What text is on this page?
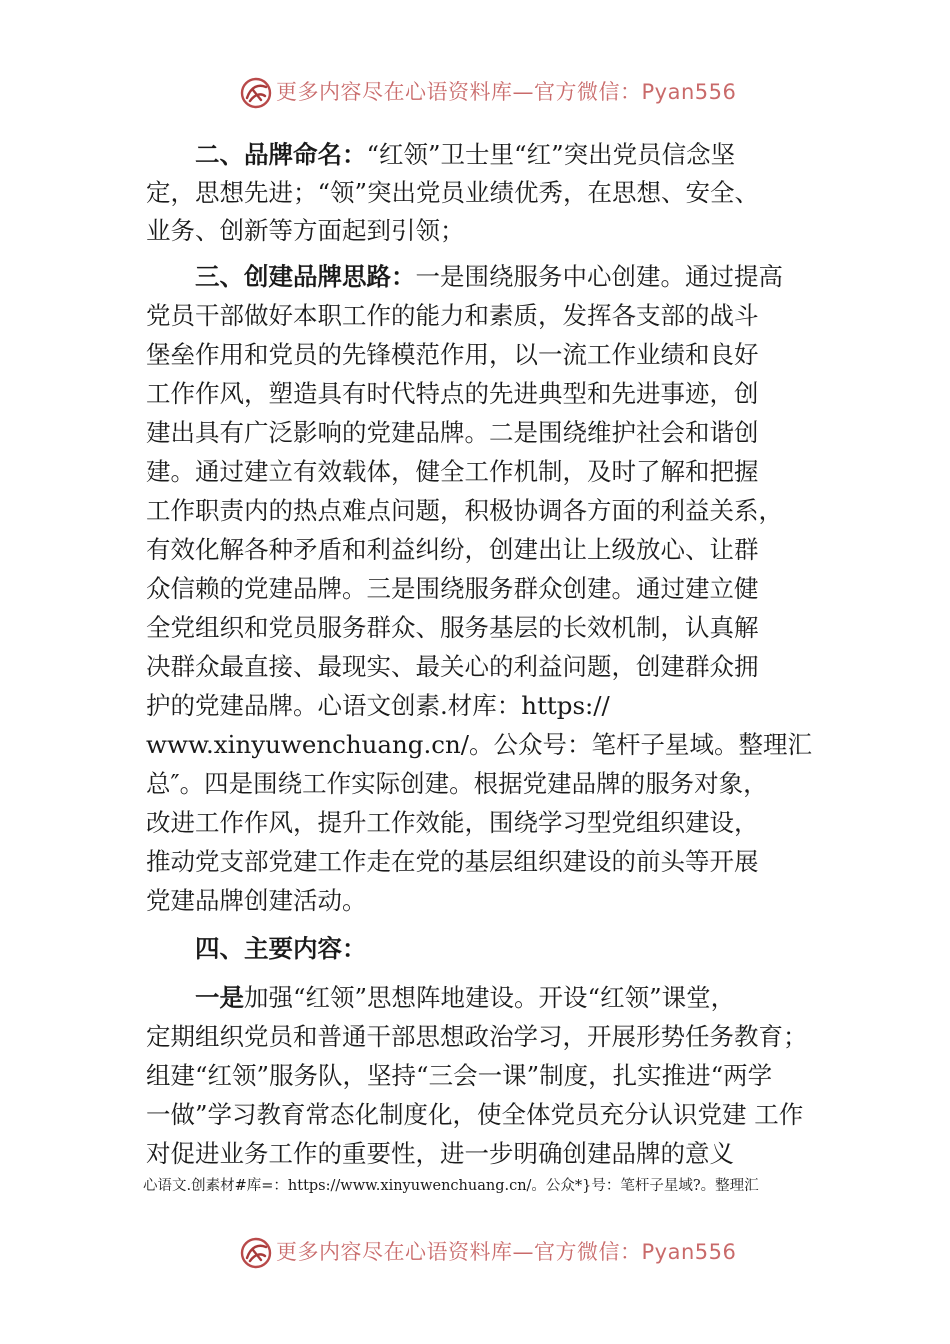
更多内容尽在心语资料库—官方微信：Pyan556
二、品牌命名：“红领”卫士里“红”突出党员信念坚
定，思想先进；“领”突出党员业绩优秀，在思想、安全、
业务、创新等方面起到引领；
三、创建品牌思路：一是围绕服务中心创建。通过提高
党员干部做好本职工作的能力和素质，发挥各支部的战斗
堡垒作用和党员的先锋模范作用，以一流工作业绩和良好
工作作风，塑造具有时代特点的先进典型和先进事迹，创
建出具有广泛影响的党建品牌。二是围绕维护社会和谐创
建。通过建立有效载体，健全工作机制，及时了解和把握
工作职责内的热点难点问题，积极协调各方面的利益关系，
有效化解各种矛盾和利益纠纷，创建出让上级放心、让群
众信赖的党建品牌。三是围绕服务群众创建。通过建立健
全党组织和党员服务群众、服务基层的长效机制，认真解
决群众最直接、最现实、最关心的利益问题，创建群众拥
护的党建品牌。心语文创素.材库：https://
www.xinyuwenchuang.cn/。公众号：笔杆子星域。整理汇
总″。四是围绕工作实际创建。根据党建品牌的服务对象，
改进工作作风，提升工作效能，围绕学习型党组织建设，
推动党支部党建工作走在党的基层组织建设的前头等开展
党建品牌创建活动。
四、主要内容：
一是加强“红领”思想阵地建设。开设“红领”课堂，
定期组织党员和普通干部思想政治学习，开展形势任务教育；
组建“红领”服务队，坚持“三会一课”制度，扎实推进“两学
一做”学习教育常态化制度化，使全体党员充分认识党建 工作
对促进业务工作的重要性，进一步明确创建品牌的意义
心语文.创素材#库=：https://www.xinyuwenchuang.cn/。公众*}号：笔杆子星域?。整理汇
更多内容尽在心语资料库—官方微信：Pyan556
